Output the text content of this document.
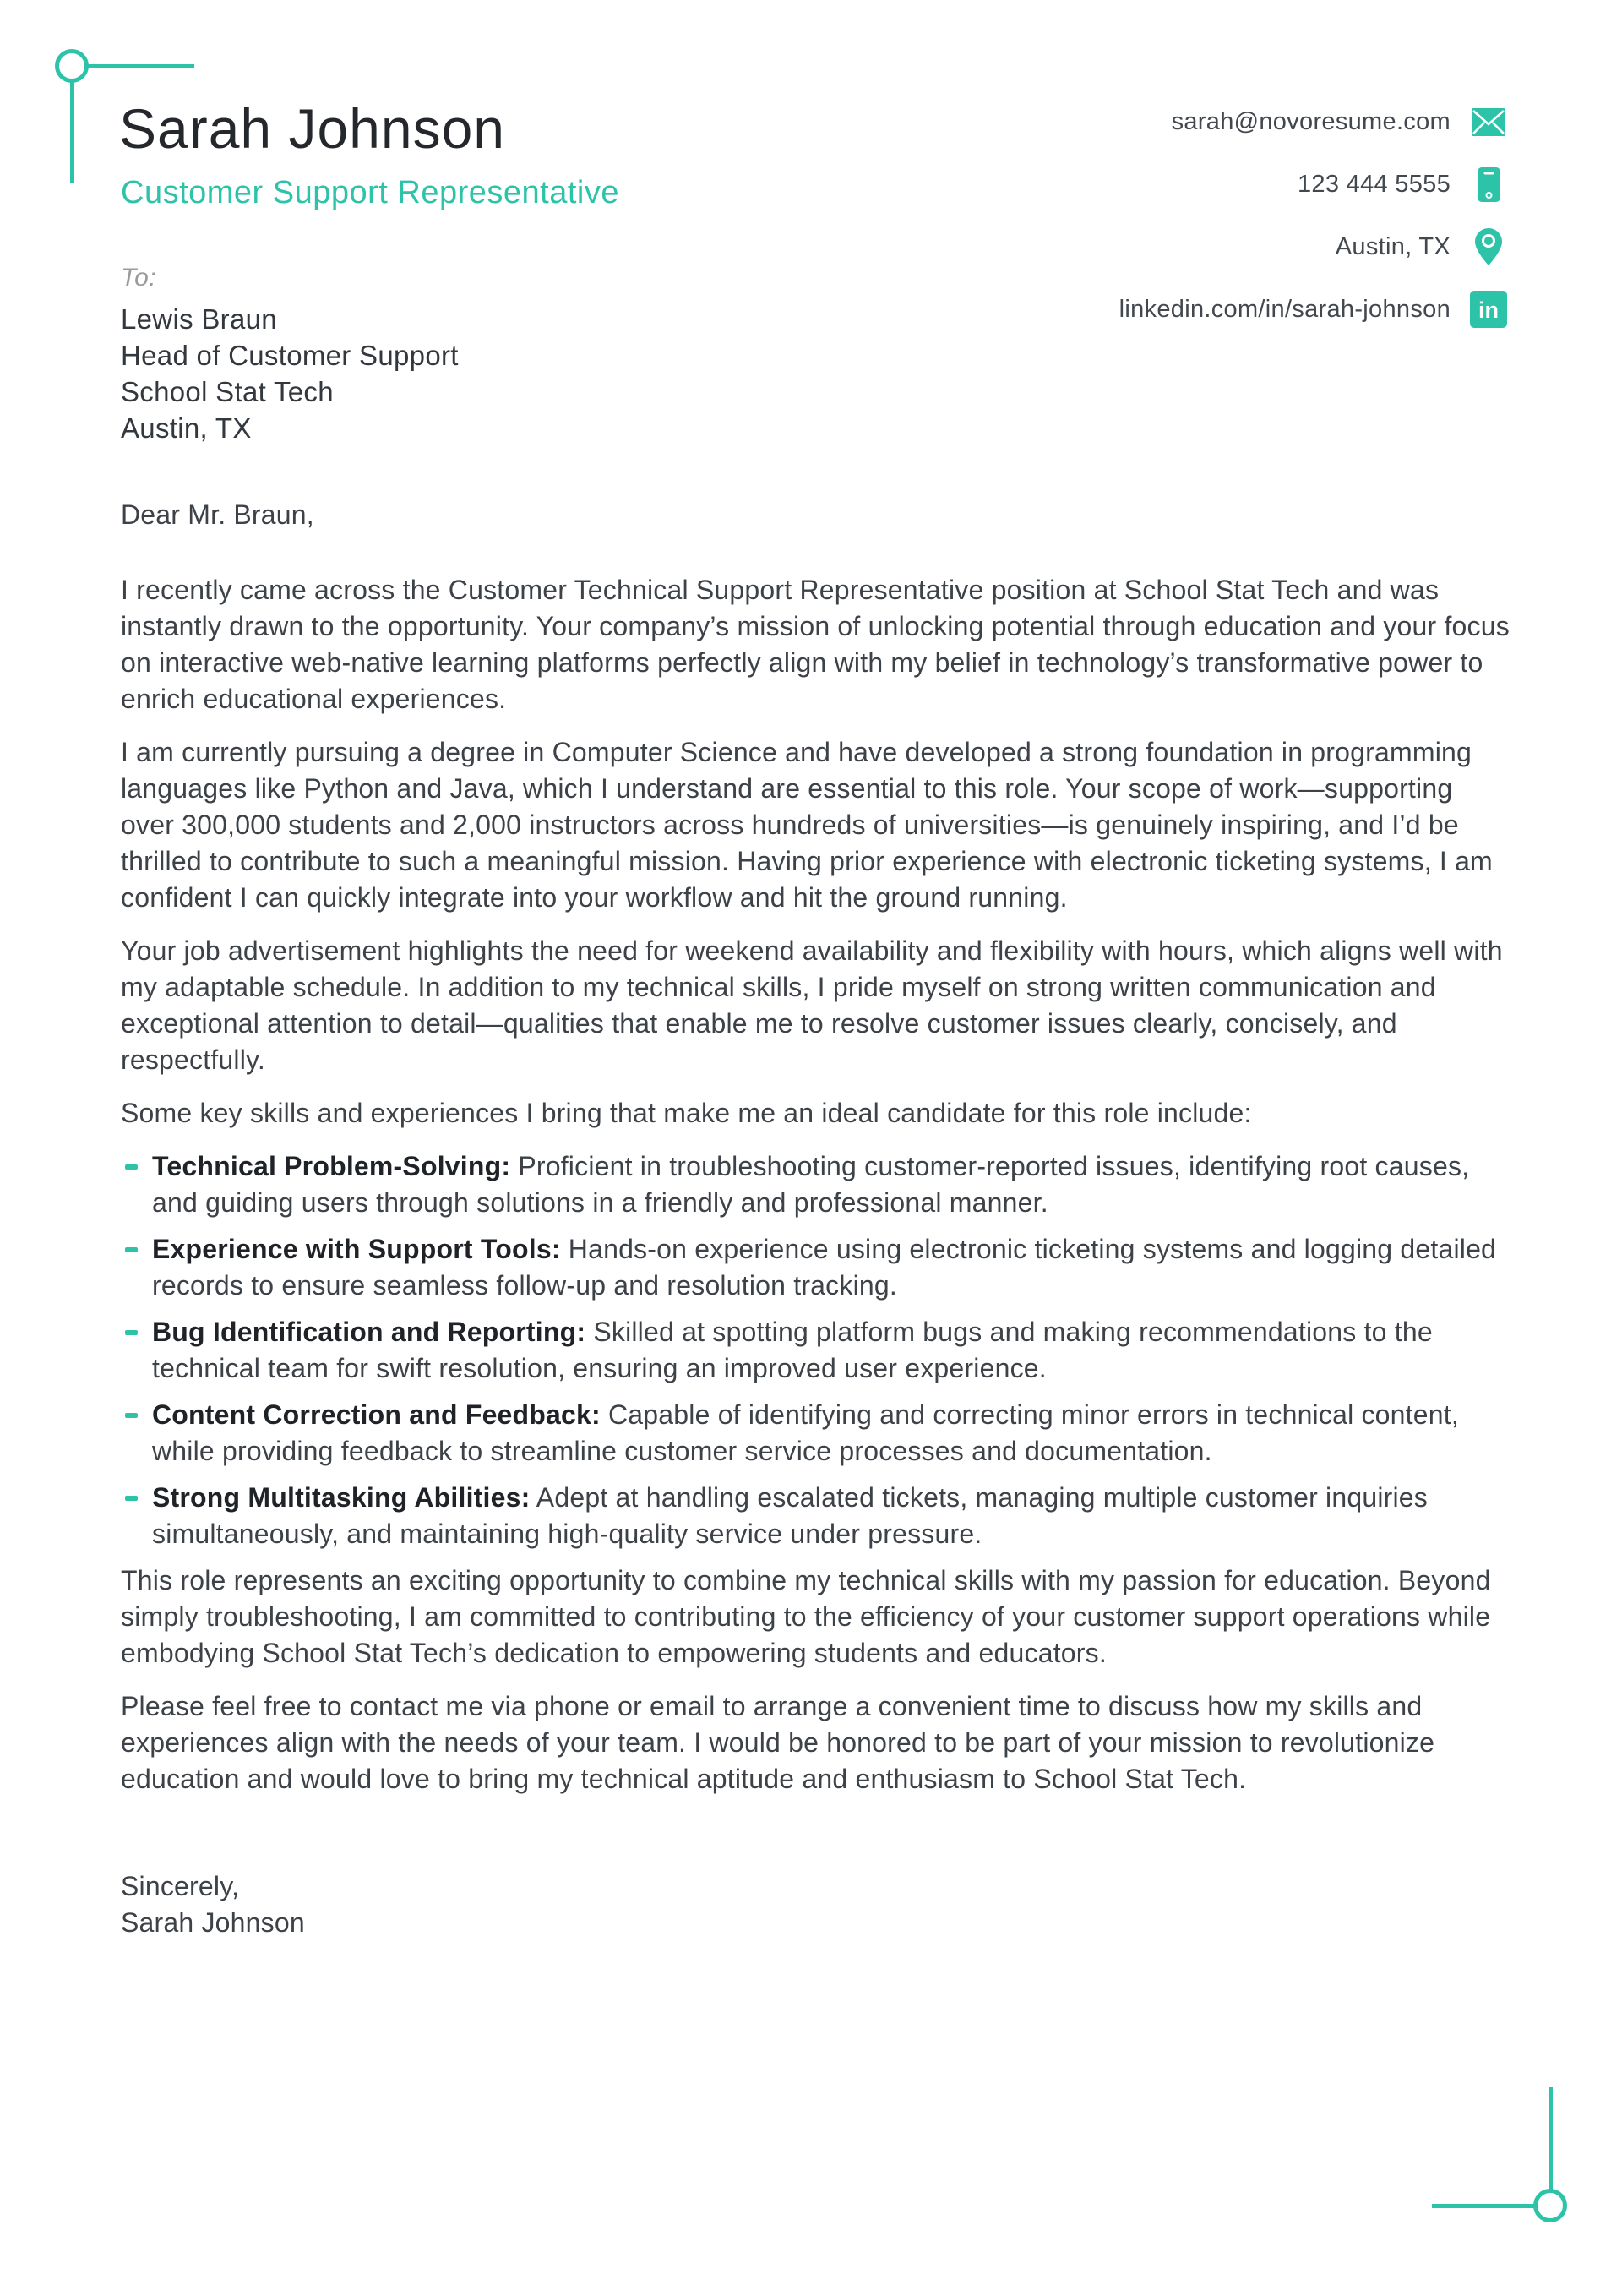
Sarah Johnson
Customer Support Representative
sarah@novoresume.com
123 444 5555
Austin, TX
linkedin.com/in/sarah-johnson in
To:
Lewis Braun
Head of Customer Support
School Stat Tech
Austin, TX

Dear Mr. Braun,

I recently came across the Customer Technical Support Representative position at School Stat Tech and was instantly drawn to the opportunity. Your company’s mission of unlocking potential through education and your focus on interactive web-native learning platforms perfectly align with my belief in technology’s transformative power to enrich educational experiences.

I am currently pursuing a degree in Computer Science and have developed a strong foundation in programming languages like Python and Java, which I understand are essential to this role. Your scope of work—supporting over 300,000 students and 2,000 instructors across hundreds of universities—is genuinely inspiring, and I’d be thrilled to contribute to such a meaningful mission. Having prior experience with electronic ticketing systems, I am confident I can quickly integrate into your workflow and hit the ground running.

Your job advertisement highlights the need for weekend availability and flexibility with hours, which aligns well with my adaptable schedule. In addition to my technical skills, I pride myself on strong written communication and exceptional attention to detail—qualities that enable me to resolve customer issues clearly, concisely, and respectfully.

Some key skills and experiences I bring that make me an ideal candidate for this role include:

Technical Problem-Solving: Proficient in troubleshooting customer-reported issues, identifying root causes, and guiding users through solutions in a friendly and professional manner.
Experience with Support Tools: Hands-on experience using electronic ticketing systems and logging detailed records to ensure seamless follow-up and resolution tracking.
Bug Identification and Reporting: Skilled at spotting platform bugs and making recommendations to the technical team for swift resolution, ensuring an improved user experience.
Content Correction and Feedback: Capable of identifying and correcting minor errors in technical content, while providing feedback to streamline customer service processes and documentation.
Strong Multitasking Abilities: Adept at handling escalated tickets, managing multiple customer inquiries simultaneously, and maintaining high-quality service under pressure.

This role represents an exciting opportunity to combine my technical skills with my passion for education. Beyond simply troubleshooting, I am committed to contributing to the efficiency of your customer support operations while embodying School Stat Tech’s dedication to empowering students and educators.

Please feel free to contact me via phone or email to arrange a convenient time to discuss how my skills and experiences align with the needs of your team. I would be honored to be part of your mission to revolutionize education and would love to bring my technical aptitude and enthusiasm to School Stat Tech.

Sincerely,
Sarah Johnson
